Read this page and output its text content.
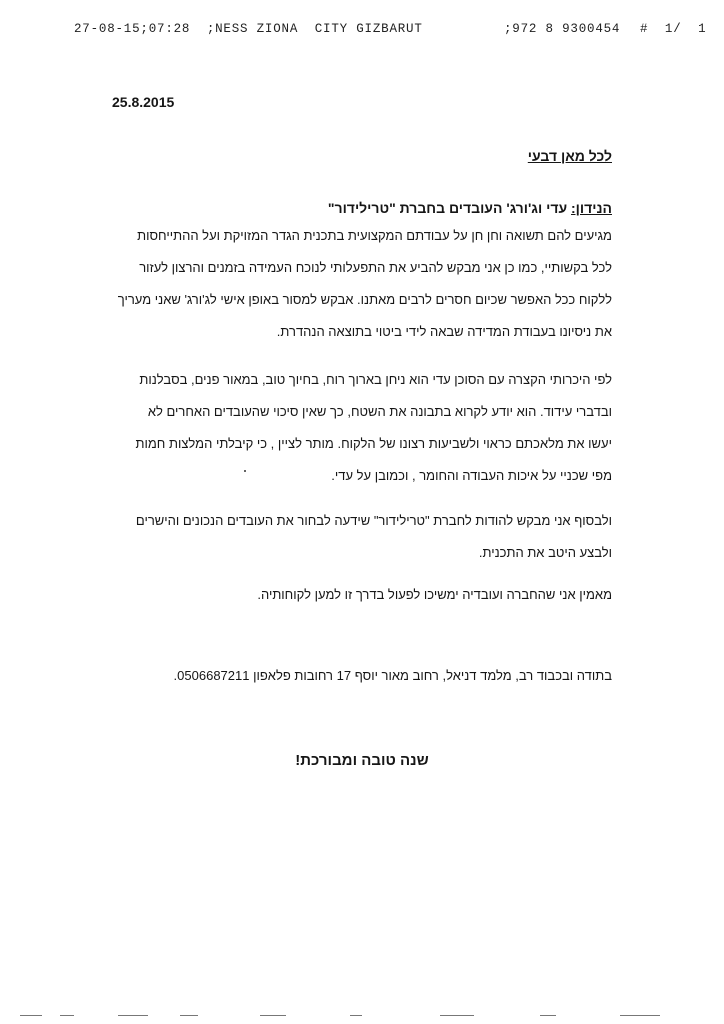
27-08-15;07:28  ;NESS ZIONA  CITY GIZBARUT

	;972 8 9300454

#  1/  1

25.8.2015
לכל מאן דבעי
הנידון: עדי וג'ורג' העובדים בחברת "טרילידור"
מגיעים להם תשואה וחן חן על עבודתם המקצועית בתכנית הגדר המזויקת ועל ההתייחסות
לכל בקשותיי, כמו כן אני מבקש להביע את התפעלותי לנוכח העמידה בזמנים והרצון לעזור
ללקוח ככל האפשר שכיום חסרים לרבים מאתנו. אבקש למסור באופן אישי לג'ורג' שאני מעריך
את ניסיונו בעבודת המדידה שבאה לידי ביטוי בתוצאה הנהדרת.
לפי היכרותי הקצרה עם הסוכן עדי הוא ניחן בארוך רוח, בחיוך טוב, במאור פנים, בסבלנות
ובדברי עידוד. הוא יודע לקרוא בתבונה את השטח, כך שאין סיכוי שהעובדים האחרים לא
יעשו את מלאכתם כראוי ולשביעות רצונו של הלקוח. מותר לציין , כי קיבלתי המלצות חמות
מפי שכניי על איכות העבודה והחומר , וכמובן על עדי.
ולבסוף אני מבקש להודות לחברת "טרילידור" שידעה לבחור את העובדים הנכונים והישרים
ולבצע היטב את התכנית.
מאמין אני שהחברה ועובדיה ימשיכו לפעול בדרך זו למען לקוחותיה.
בתודה ובכבוד רב, מלמד דניאל, רחוב מאור יוסף 17 רחובות פלאפון 0506687211.
שנה טובה ומבורכת!
